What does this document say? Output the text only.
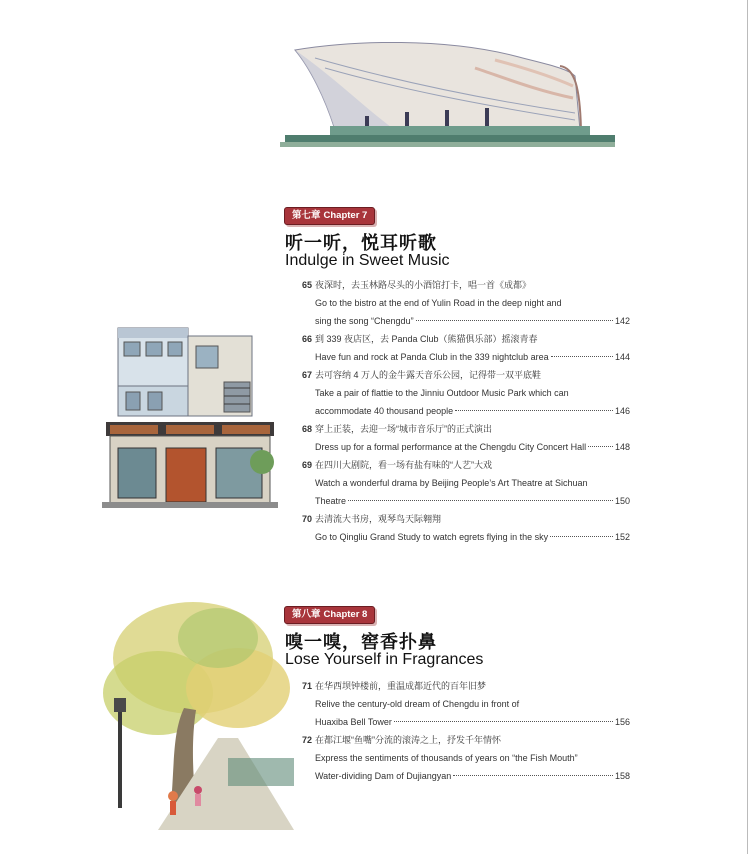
第七章 Chapter 7
听一听，悦耳听歌
Indulge in Sweet Music
65 夜深时，去玉林路尽头的小酒馆打卡，唱一首《成都》
Go to the bistro at the end of Yulin Road in the deep night and
sing the song “Chengdu”	142
66 到 339 夜店区，去 Panda Club（熊猫俱乐部）摇滚青春
Have fun and rock at Panda Club in the 339 nightclub area	144
67 去可容纳 4 万人的金牛露天音乐公园，记得带一双平底鞋
Take a pair of flattie to the Jinniu Outdoor Music Park which can
accommodate 40 thousand people	146
68 穿上正装，去迎一场“城市音乐厅”的正式演出
Dress up for a formal performance at the Chengdu City Concert Hall	148
69 在四川大剧院，看一场有盐有味的“人艺”大戏
Watch a wonderful drama by Beijing People’s Art Theatre at Sichuan
Theatre	150
70 去清流大书房，观琴鸟天际翱翔
Go to Qingliu Grand Study to watch egrets flying in the sky	152
第八章 Chapter 8
嗅一嗅，窖香扑鼻
Lose Yourself in Fragrances
71 在华西坝钟楼前，重温成都近代的百年旧梦
Relive the century-old dream of Chengdu in front of
Huaxiba Bell Tower	156
72 在都江堰“鱼嘴”分流的滚涛之上，抒发千年情怀
Express the sentiments of thousands of years on “the Fish Mouth”
Water-dividing Dam of Dujiangyan	158
